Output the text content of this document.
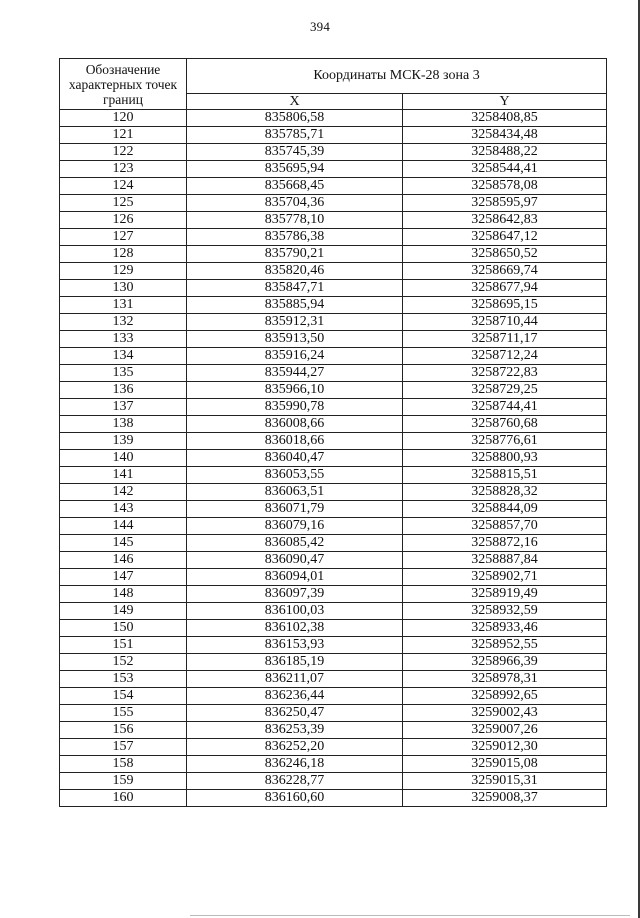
394
Обозначение характерных точек границ	Координаты МСК-28 зона 3	
	X	Y
120	835806,58	3258408,85
121	835785,71	3258434,48
122	835745,39	3258488,22
123	835695,94	3258544,41
124	835668,45	3258578,08
125	835704,36	3258595,97
126	835778,10	3258642,83
127	835786,38	3258647,12
128	835790,21	3258650,52
129	835820,46	3258669,74
130	835847,71	3258677,94
131	835885,94	3258695,15
132	835912,31	3258710,44
133	835913,50	3258711,17
134	835916,24	3258712,24
135	835944,27	3258722,83
136	835966,10	3258729,25
137	835990,78	3258744,41
138	836008,66	3258760,68
139	836018,66	3258776,61
140	836040,47	3258800,93
141	836053,55	3258815,51
142	836063,51	3258828,32
143	836071,79	3258844,09
144	836079,16	3258857,70
145	836085,42	3258872,16
146	836090,47	3258887,84
147	836094,01	3258902,71
148	836097,39	3258919,49
149	836100,03	3258932,59
150	836102,38	3258933,46
151	836153,93	3258952,55
152	836185,19	3258966,39
153	836211,07	3258978,31
154	836236,44	3258992,65
155	836250,47	3259002,43
156	836253,39	3259007,26
157	836252,20	3259012,30
158	836246,18	3259015,08
159	836228,77	3259015,31
160	836160,60	3259008,37
